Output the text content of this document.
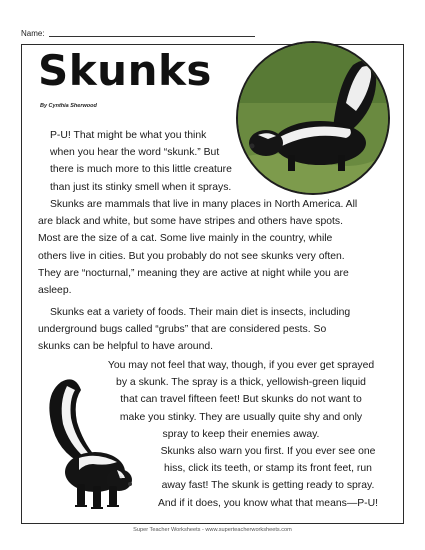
Name:
Skunks
By Cynthia Sherwood
P-U! That might be what you think
when you hear the word “skunk.” But
there is much more to this little creature
than just its stinky smell when it sprays.
Skunks are mammals that live in many places in North America. All
are black and white, but some have stripes and others have spots.
Most are the size of a cat. Some live mainly in the country, while
others live in cities. But you probably do not see skunks very often.
They are “nocturnal,” meaning they are active at night while you are
asleep.
Skunks eat a variety of foods. Their main diet is insects, including
underground bugs called “grubs” that are considered pests. So
skunks can be helpful to have around.
You may not feel that way, though, if you ever get sprayed
by a skunk. The spray is a thick, yellowish-green liquid
that can travel fifteen feet! But skunks do not want to
make you stinky. They are usually quite shy and only
spray to keep their enemies away.
Skunks also warn you first. If you ever see one
hiss, click its teeth, or stamp its front feet, run
away fast! The skunk is getting ready to spray.
And if it does, you know what that means—P-U!
Super Teacher Worksheets - www.superteacherworksheets.com
